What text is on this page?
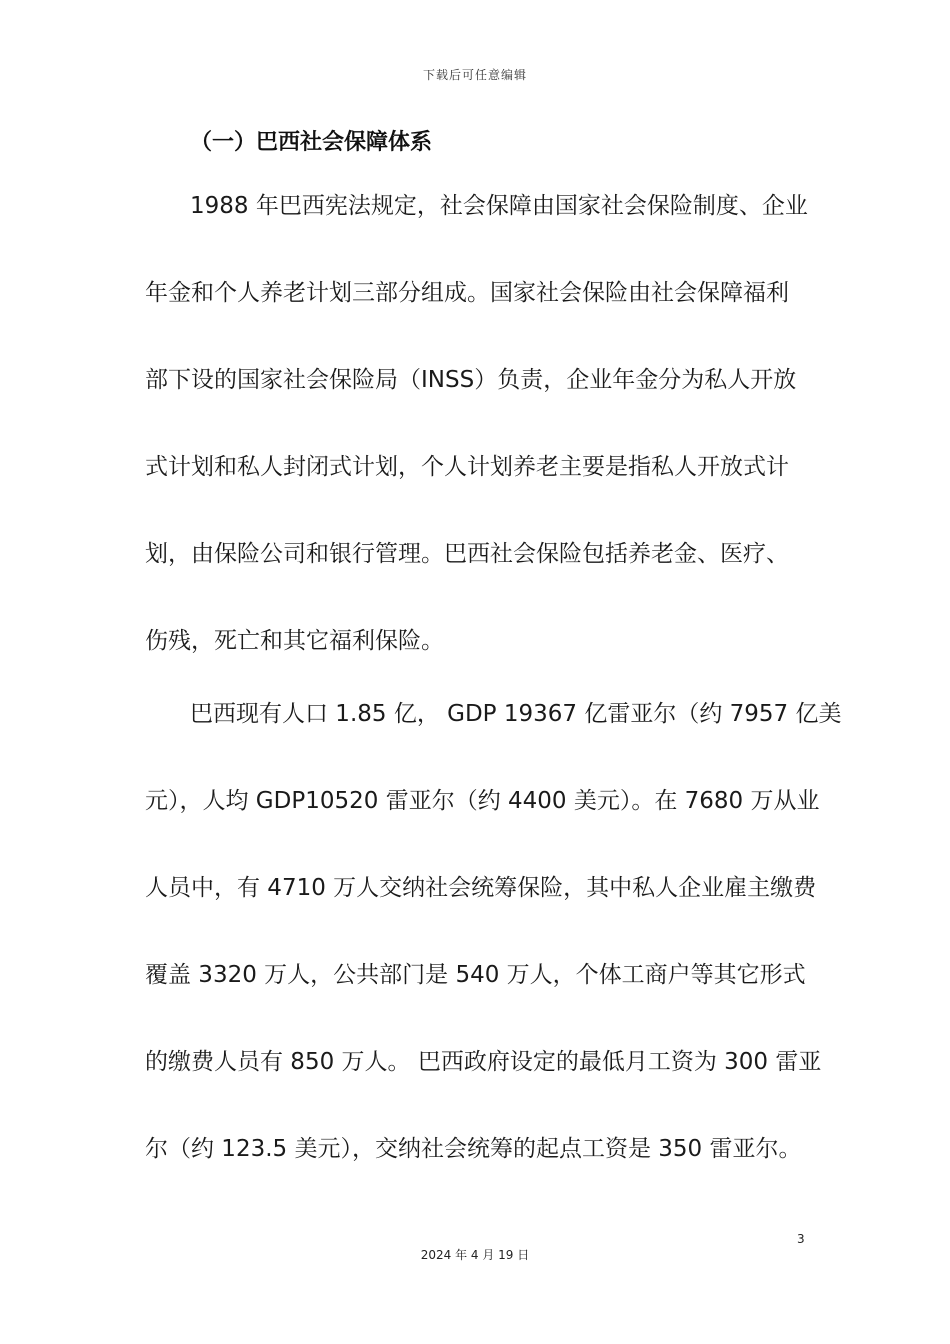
下载后可任意编辑
（一）巴西社会保障体系
1988 年巴西宪法规定，社会保障由国家社会保险制度、企业
年金和个人养老计划三部分组成。国家社会保险由社会保障福利
部下设的国家社会保险局（INSS）负责，企业年金分为私人开放
式计划和私人封闭式计划，个人计划养老主要是指私人开放式计
划，由保险公司和银行管理。巴西社会保险包括养老金、医疗、
伤残，死亡和其它福利保险。
巴西现有人口 1.85 亿， GDP 19367 亿雷亚尔（约 7957 亿美
元），人均 GDP10520 雷亚尔（约 4400 美元）。在 7680 万从业
人员中，有 4710 万人交纳社会统筹保险，其中私人企业雇主缴费
覆盖 3320 万人，公共部门是 540 万人，个体工商户等其它形式
的缴费人员有 850 万人。 巴西政府设定的最低月工资为 300 雷亚
尔（约 123.5 美元），交纳社会统筹的起点工资是 350 雷亚尔。
3
2024 年 4 月 19 日
